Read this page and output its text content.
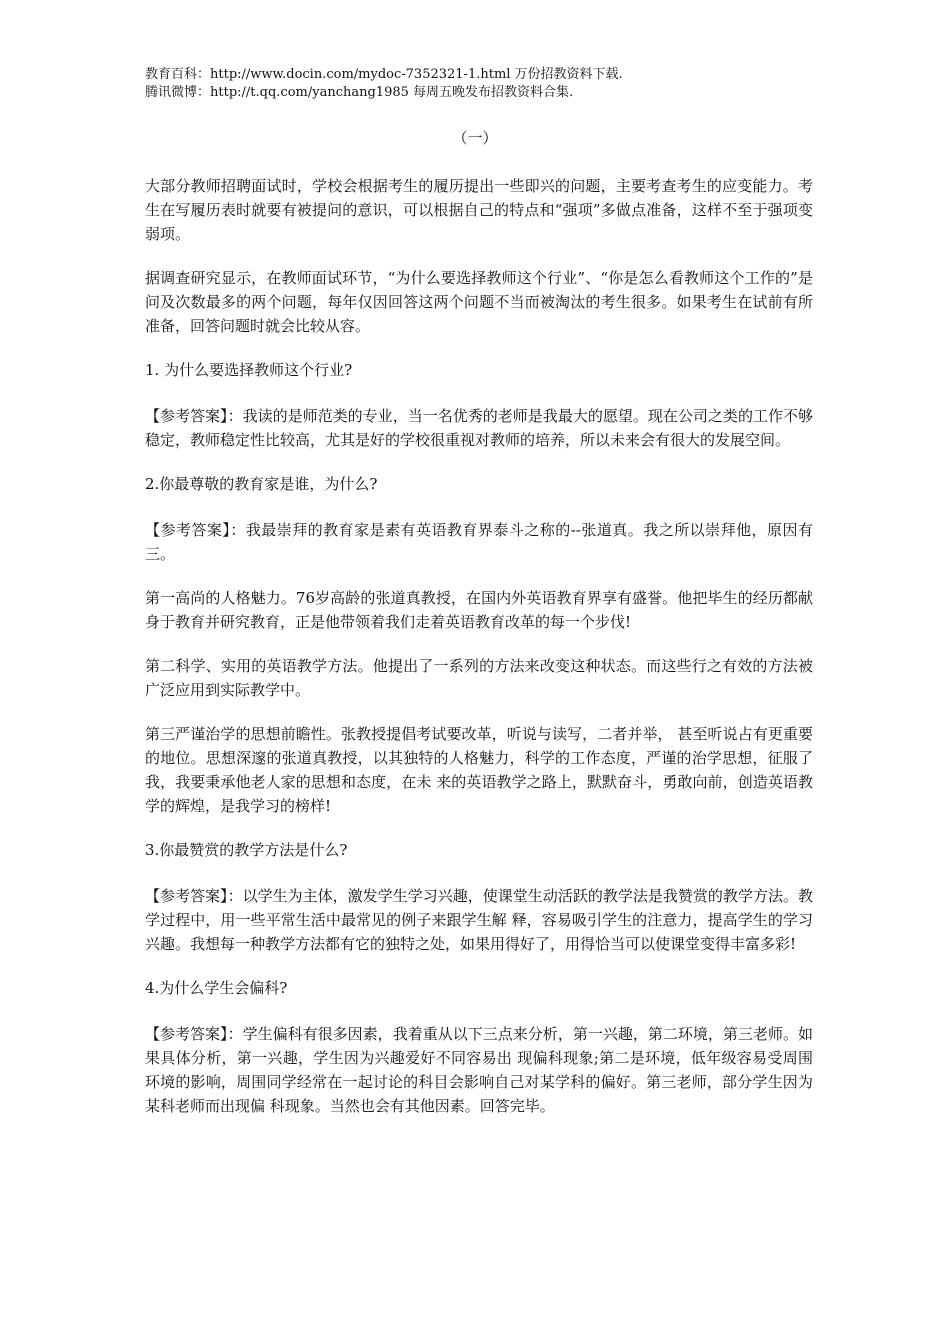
教育百科：http://www.docin.com/mydoc-7352321-1.html 万份招教资料下载.
腾讯微博：http://t.qq.com/yanchang1985 每周五晚发布招教资料合集.
（一）

大部分教师招聘面试时，学校会根据考生的履历提出一些即兴的问题，主要考查考生的应变能力。考生在写履历表时就要有被提问的意识，可以根据自己的特点和“强项”多做点准备，这样不至于强项变弱项。

据调查研究显示，在教师面试环节，“为什么要选择教师这个行业”、“你是怎么看教师这个工作的”是问及次数最多的两个问题，每年仅因回答这两个问题不当而被淘汰的考生很多。如果考生在试前有所准备，回答问题时就会比较从容。

1. 为什么要选择教师这个行业?

【参考答案】：我读的是师范类的专业，当一名优秀的老师是我最大的愿望。现在公司之类的工作不够稳定，教师稳定性比较高，尤其是好的学校很重视对教师的培养，所以未来会有很大的发展空间。

2.你最尊敬的教育家是谁，为什么?

【参考答案】：我最崇拜的教育家是素有英语教育界泰斗之称的--张道真。我之所以崇拜他，原因有三。

第一高尚的人格魅力。76岁高龄的张道真教授，在国内外英语教育界享有盛誉。他把毕生的经历都献身于教育并研究教育，正是他带领着我们走着英语教育改革的每一个步伐!

第二科学、实用的英语教学方法。他提出了一系列的方法来改变这种状态。而这些行之有效的方法被广泛应用到实际教学中。

第三严谨治学的思想前瞻性。张教授提倡考试要改革，听说与读写，二者并举， 甚至听说占有更重要的地位。思想深邃的张道真教授，以其独特的人格魅力，科学的工作态度，严谨的治学思想，征服了我，我要秉承他老人家的思想和态度，在未 来的英语教学之路上，默默奋斗，勇敢向前，创造英语教学的辉煌，是我学习的榜样!

3.你最赞赏的教学方法是什么?

【参考答案】：以学生为主体，激发学生学习兴趣，使课堂生动活跃的教学法是我赞赏的教学方法。教学过程中，用一些平常生活中最常见的例子来跟学生解 释，容易吸引学生的注意力，提高学生的学习兴趣。我想每一种教学方法都有它的独特之处，如果用得好了，用得恰当可以使课堂变得丰富多彩!

4.为什么学生会偏科?

【参考答案】：学生偏科有很多因素，我着重从以下三点来分析，第一兴趣，第二环境，第三老师。如果具体分析，第一兴趣，学生因为兴趣爱好不同容易出 现偏科现象;第二是环境，低年级容易受周围环境的影响，周围同学经常在一起讨论的科目会影响自己对某学科的偏好。第三老师，部分学生因为某科老师而出现偏 科现象。当然也会有其他因素。回答完毕。
